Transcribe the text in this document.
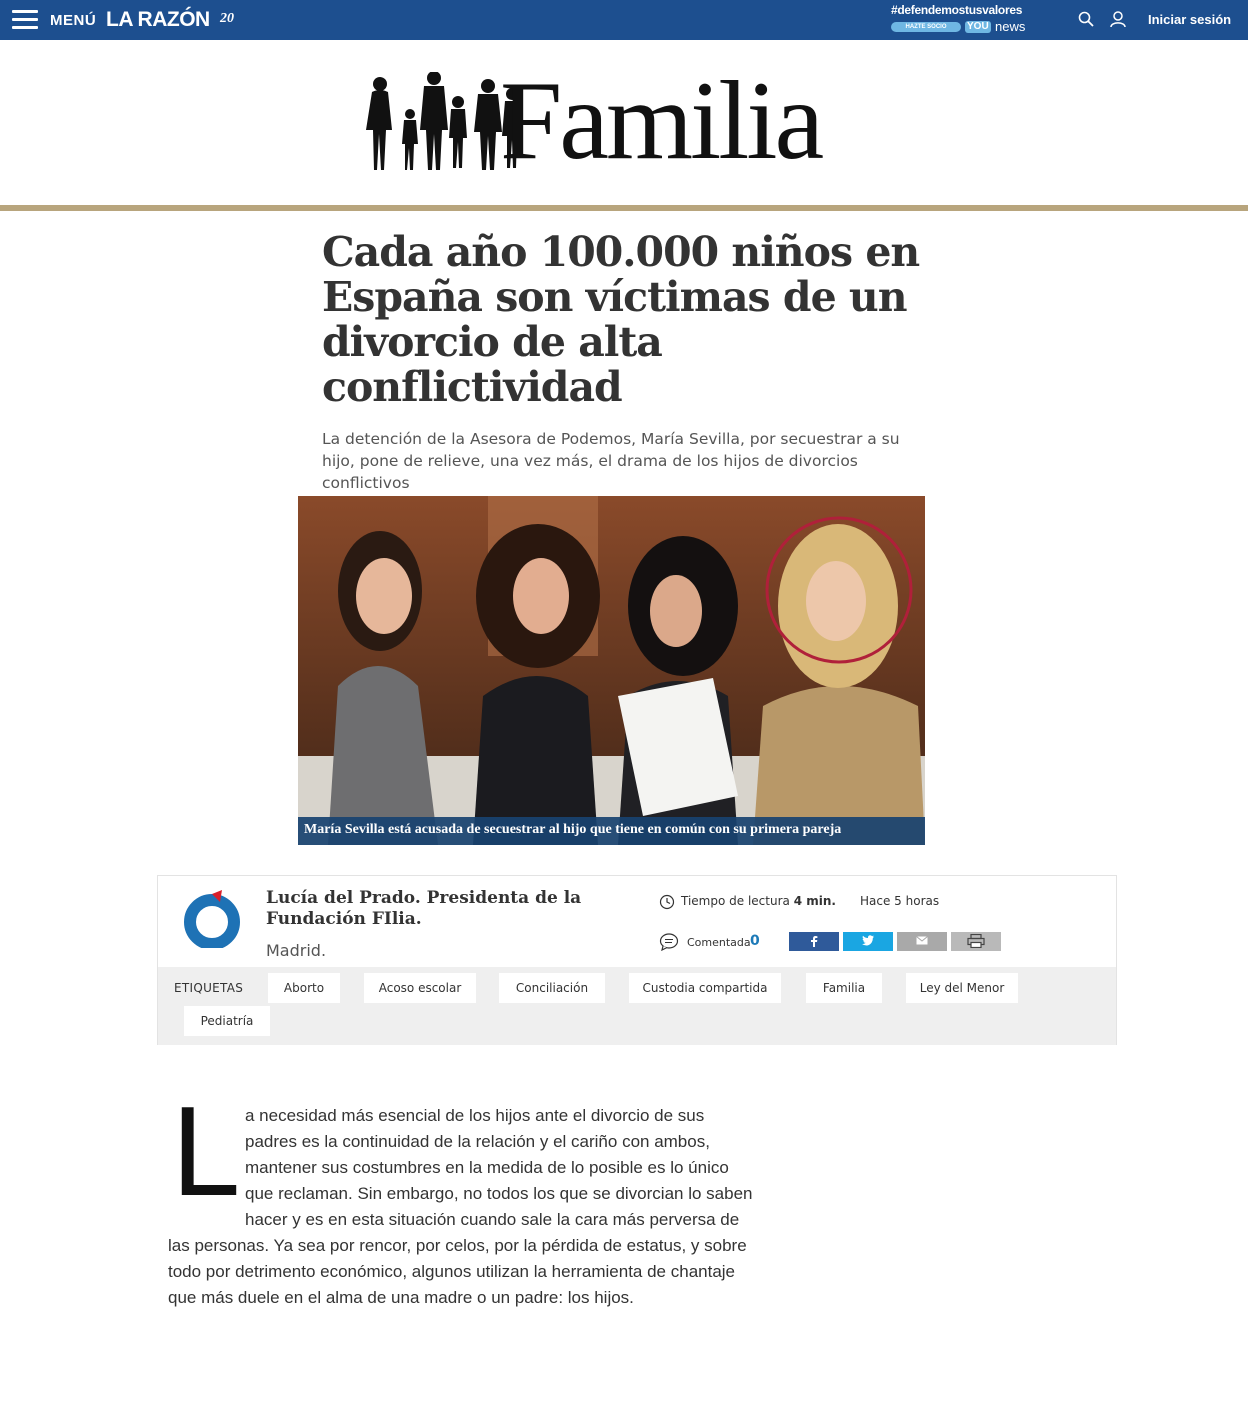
MENÚ LA RAZÓN 20
#defendemostusvalores
HAZTE SOCIO	YOU news	Iniciar sesión
Familia
Cada año 100.000 niños en España son víctimas de un divorcio de alta conflictividad

La detención de la Asesora de Podemos, María Sevilla, por secuestrar a su hijo, pone de relieve, una vez más, el drama de los hijos de divorcios conflictivos

María Sevilla está acusada de secuestrar al hijo que tiene en común con su primera pareja
Lucía del Prado. Presidenta de la Fundación FIlia.
Madrid.
Tiempo de lectura 4 min. Hace 5 horas
Comentada 0
ETIQUETAS	Aborto	Acoso escolar	Conciliación	Custodia compartida	Familia	Ley del Menor
Pediatría
L a necesidad más esencial de los hijos ante el divorcio de sus
padres es la continuidad de la relación y el cariño con ambos,
mantener sus costumbres en la medida de lo posible es lo único
que reclaman. Sin embargo, no todos los que se divorcian lo saben
hacer y es en esta situación cuando sale la cara más perversa de
las personas. Ya sea por rencor, por celos, por la pérdida de estatus, y sobre
todo por detrimento económico, algunos utilizan la herramienta de chantaje
que más duele en el alma de una madre o un padre: los hijos.
